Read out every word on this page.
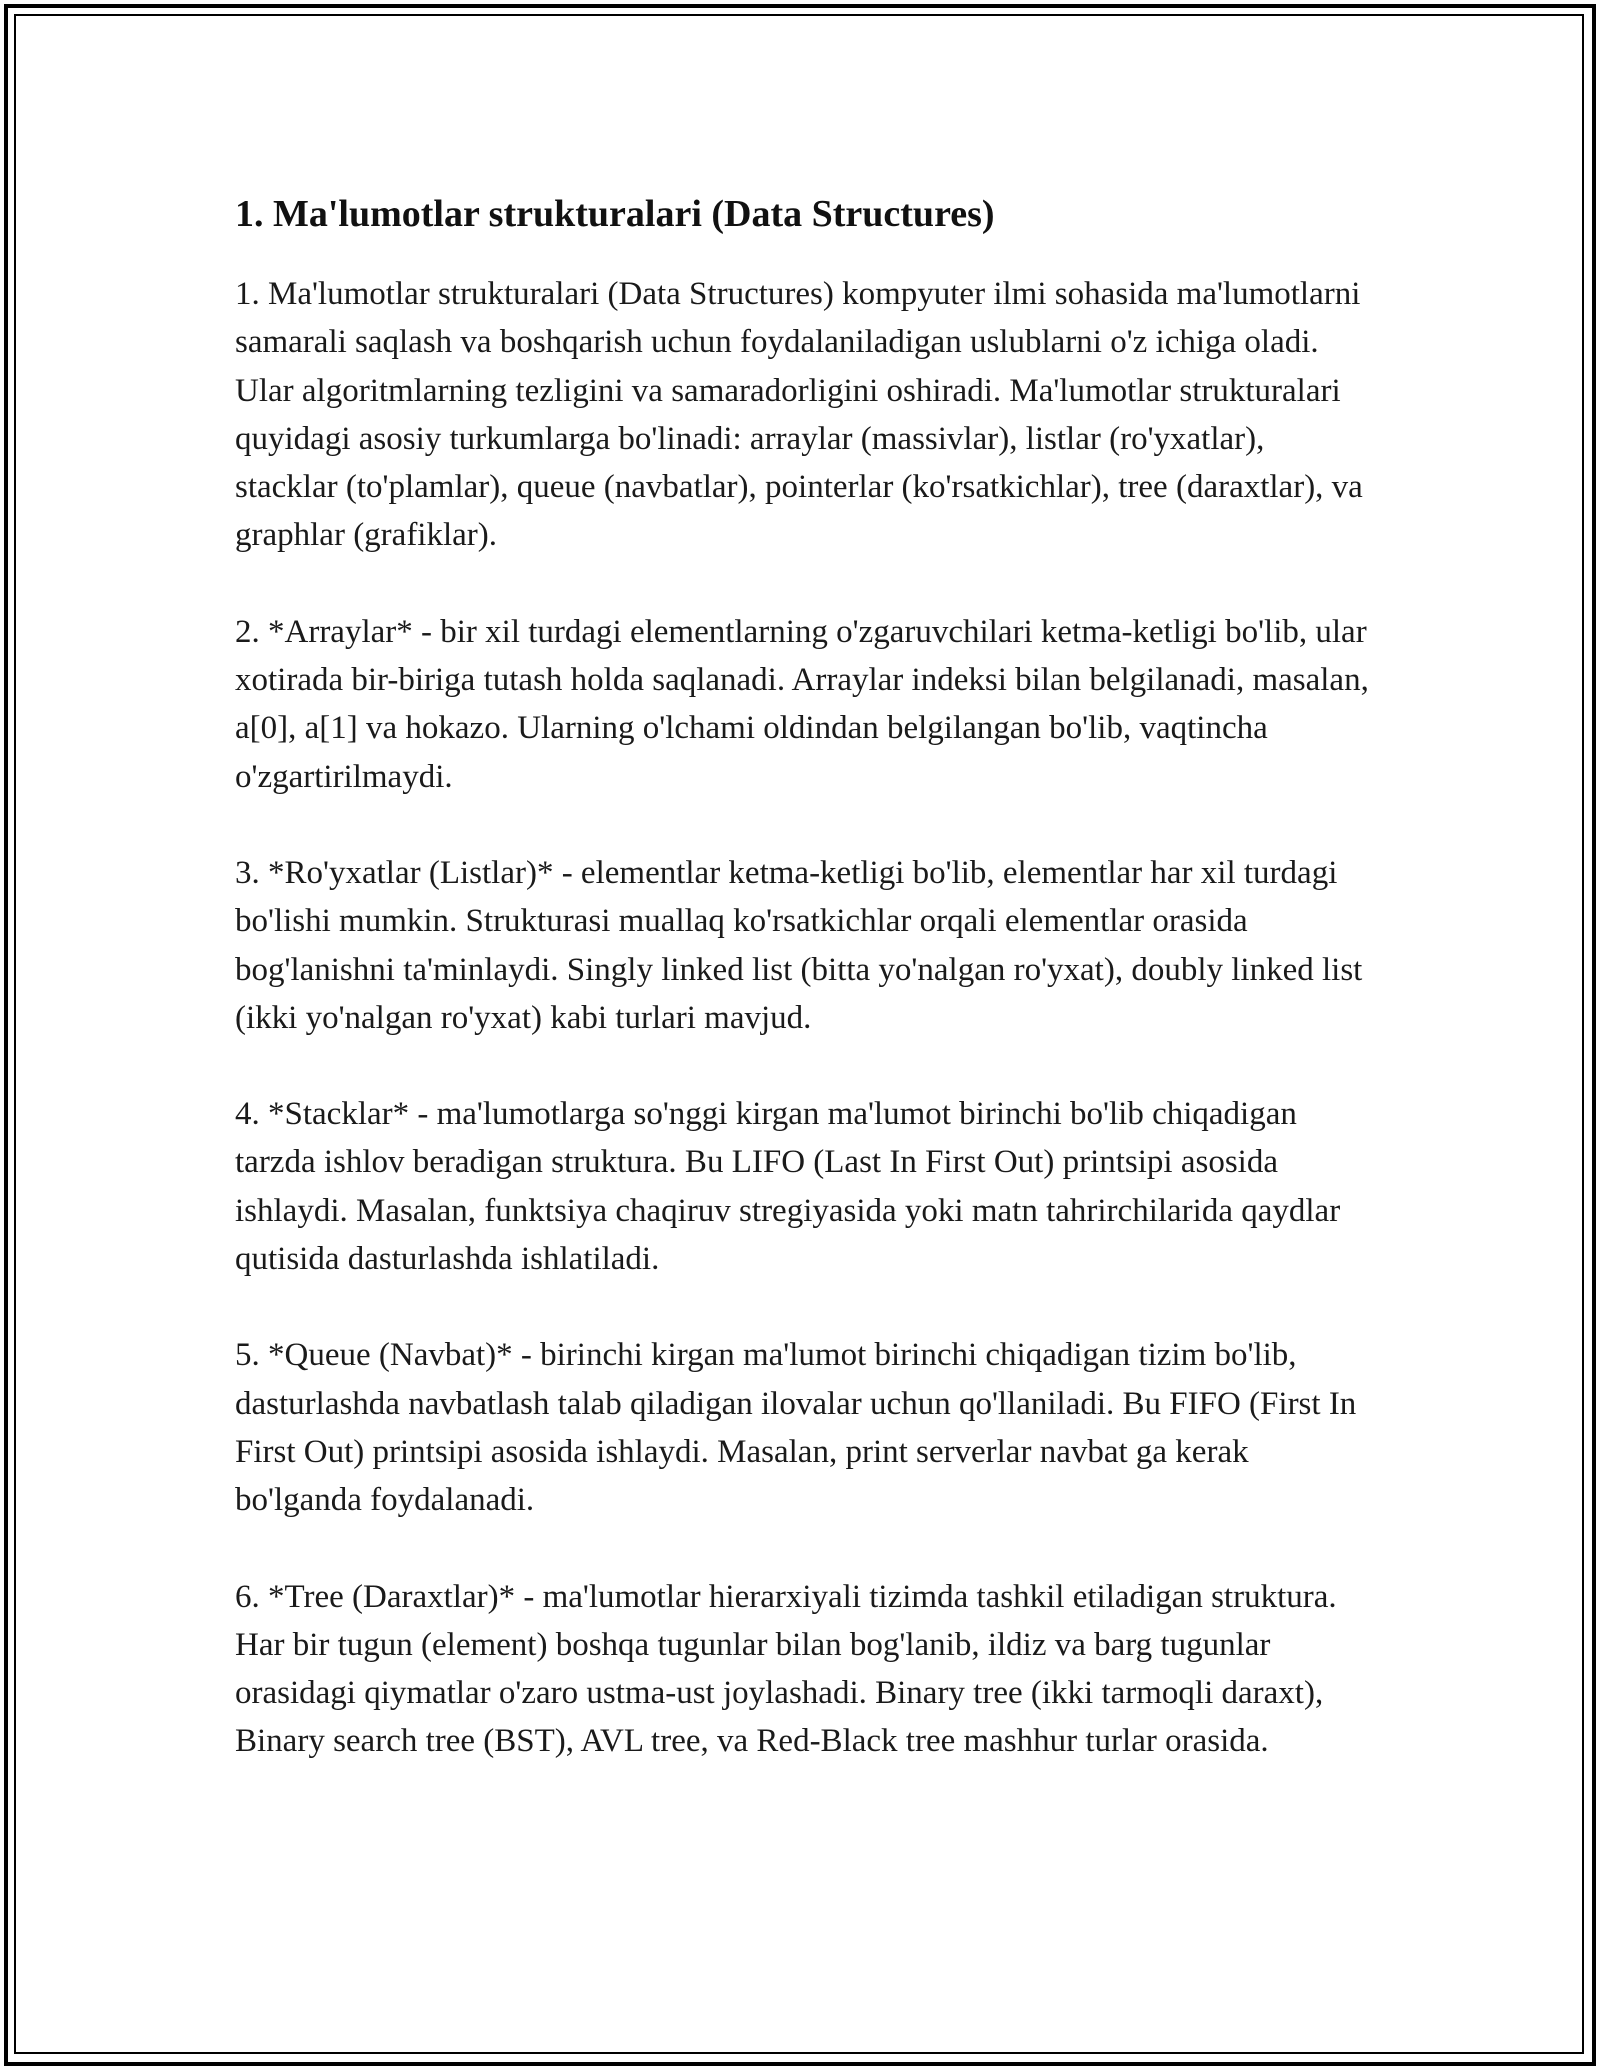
1. Ma'lumotlar strukturalari (Data Structures)

1. Ma'lumotlar strukturalari (Data Structures) kompyuter ilmi sohasida ma'lumotlarni samarali saqlash va boshqarish uchun foydalaniladigan uslublarni o'z ichiga oladi. Ular algoritmlarning tezligini va samaradorligini oshiradi. Ma'lumotlar strukturalari quyidagi asosiy turkumlarga bo'linadi: arraylar (massivlar), listlar (ro'yxatlar), stacklar (to'plamlar), queue (navbatlar), pointerlar (ko'rsatkichlar), tree (daraxtlar), va graphlar (grafiklar).

2. *Arraylar* - bir xil turdagi elementlarning o'zgaruvchilari ketma-ketligi bo'lib, ular xotirada bir-biriga tutash holda saqlanadi. Arraylar indeksi bilan belgilanadi, masalan, a[0], a[1] va hokazo. Ularning o'lchami oldindan belgilangan bo'lib, vaqtincha o'zgartirilmaydi.

3. *Ro'yxatlar (Listlar)* - elementlar ketma-ketligi bo'lib, elementlar har xil turdagi bo'lishi mumkin. Strukturasi muallaq ko'rsatkichlar orqali elementlar orasida bog'lanishni ta'minlaydi. Singly linked list (bitta yo'nalgan ro'yxat), doubly linked list (ikki yo'nalgan ro'yxat) kabi turlari mavjud.

4. *Stacklar* - ma'lumotlarga so'nggi kirgan ma'lumot birinchi bo'lib chiqadigan tarzda ishlov beradigan struktura. Bu LIFO (Last In First Out) printsipi asosida ishlaydi. Masalan, funktsiya chaqiruv stregiyasida yoki matn tahrirchilarida qaydlar qutisida dasturlashda ishlatiladi.

5. *Queue (Navbat)* - birinchi kirgan ma'lumot birinchi chiqadigan tizim bo'lib, dasturlashda navbatlash talab qiladigan ilovalar uchun qo'llaniladi. Bu FIFO (First In First Out) printsipi asosida ishlaydi. Masalan, print serverlar navbat ga kerak bo'lganda foydalanadi.

6. *Tree (Daraxtlar)* - ma'lumotlar hierarxiyali tizimda tashkil etiladigan struktura. Har bir tugun (element) boshqa tugunlar bilan bog'lanib, ildiz va barg tugunlar orasidagi qiymatlar o'zaro ustma-ust joylashadi. Binary tree (ikki tarmoqli daraxt), Binary search tree (BST), AVL tree, va Red-Black tree mashhur turlar orasida.
